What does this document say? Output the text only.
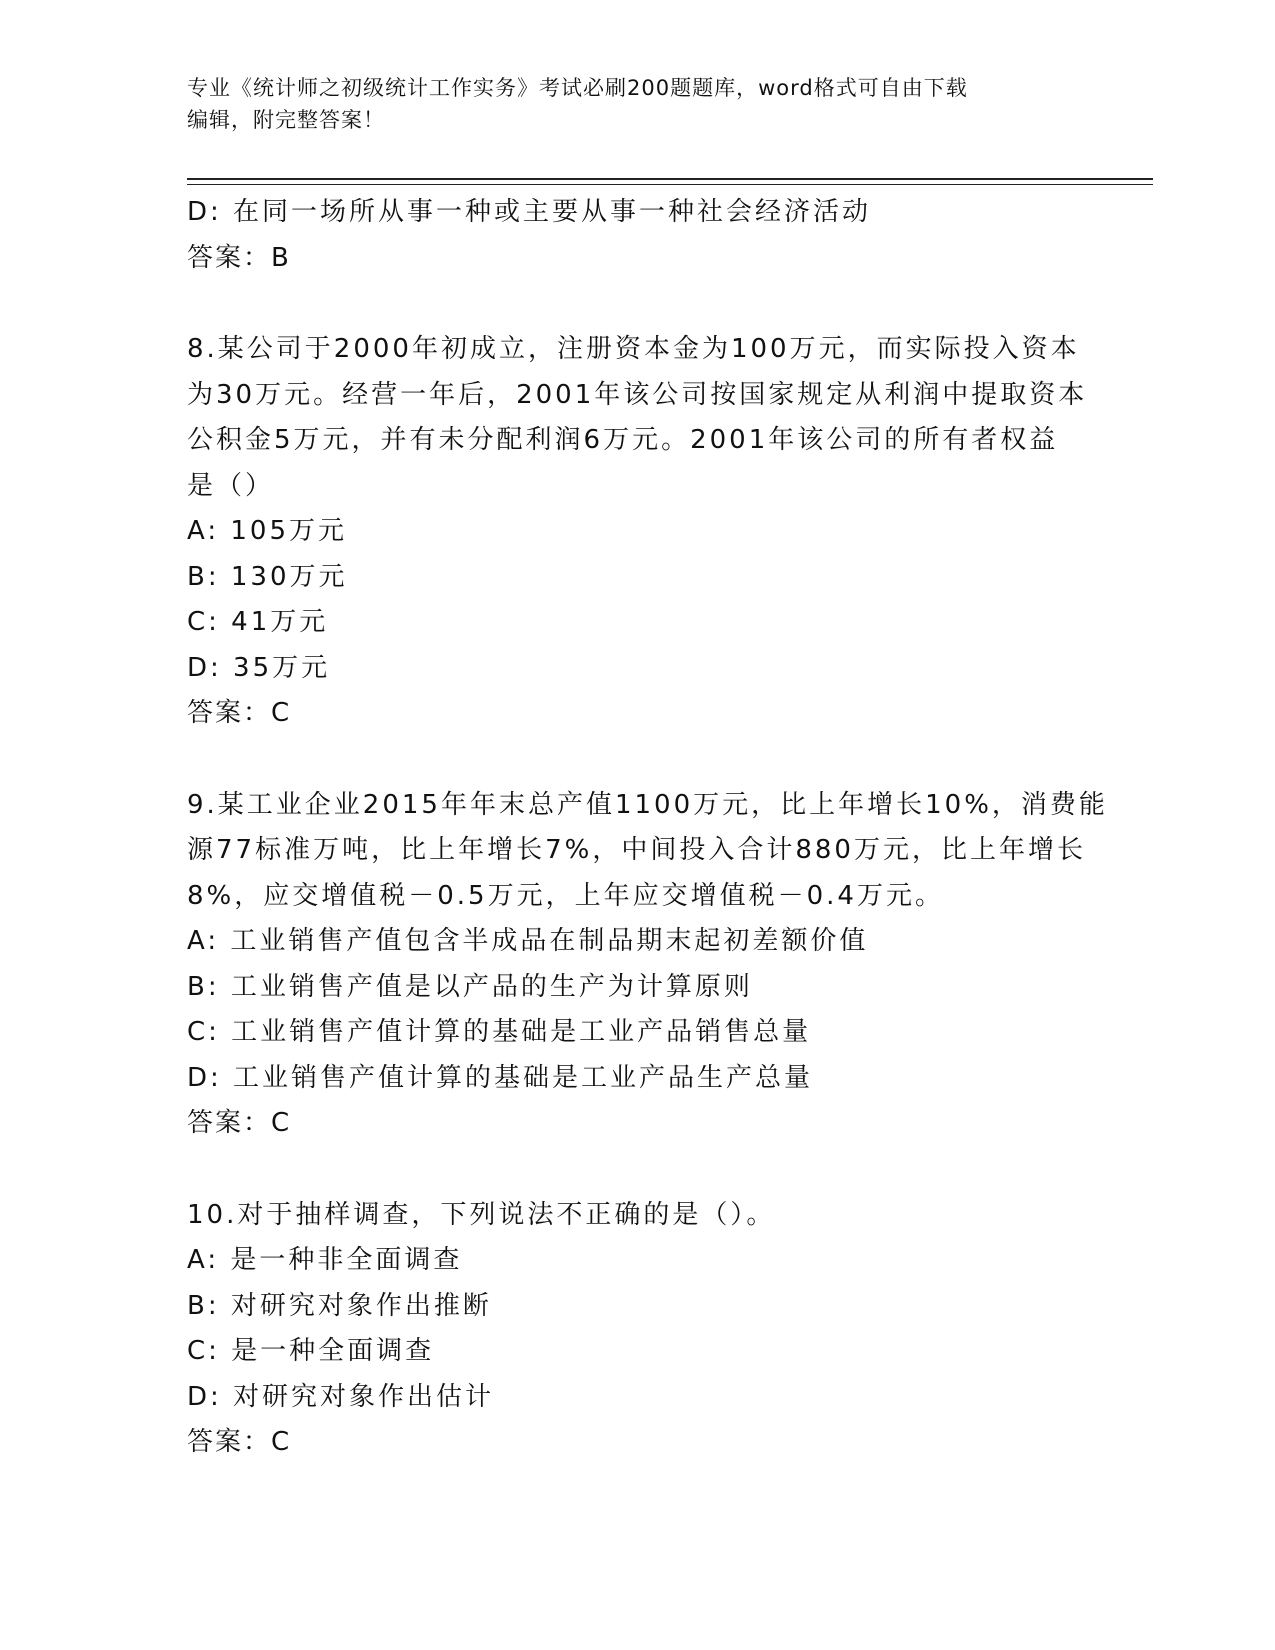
专业《统计师之初级统计工作实务》考试必刷200题题库，word格式可自由下载
编辑，附完整答案！
D: 在同一场所从事一种或主要从事一种社会经济活动
答案：B
8.某公司于2000年初成立，注册资本金为100万元，而实际投入资本
为30万元。经营一年后，2001年该公司按国家规定从利润中提取资本
公积金5万元，并有未分配利润6万元。2001年该公司的所有者权益
是（）
A: 105万元
B: 130万元
C: 41万元
D: 35万元
答案：C
9.某工业企业2015年年末总产值1100万元，比上年增长10%，消费能
源77标准万吨，比上年增长7%，中间投入合计880万元，比上年增长
8%，应交增值税－0.5万元，上年应交增值税－0.4万元。
A: 工业销售产值包含半成品在制品期末起初差额价值
B: 工业销售产值是以产品的生产为计算原则
C: 工业销售产值计算的基础是工业产品销售总量
D: 工业销售产值计算的基础是工业产品生产总量
答案：C
10.对于抽样调查，下列说法不正确的是（）。
A: 是一种非全面调查
B: 对研究对象作出推断
C: 是一种全面调查
D: 对研究对象作出估计
答案：C
